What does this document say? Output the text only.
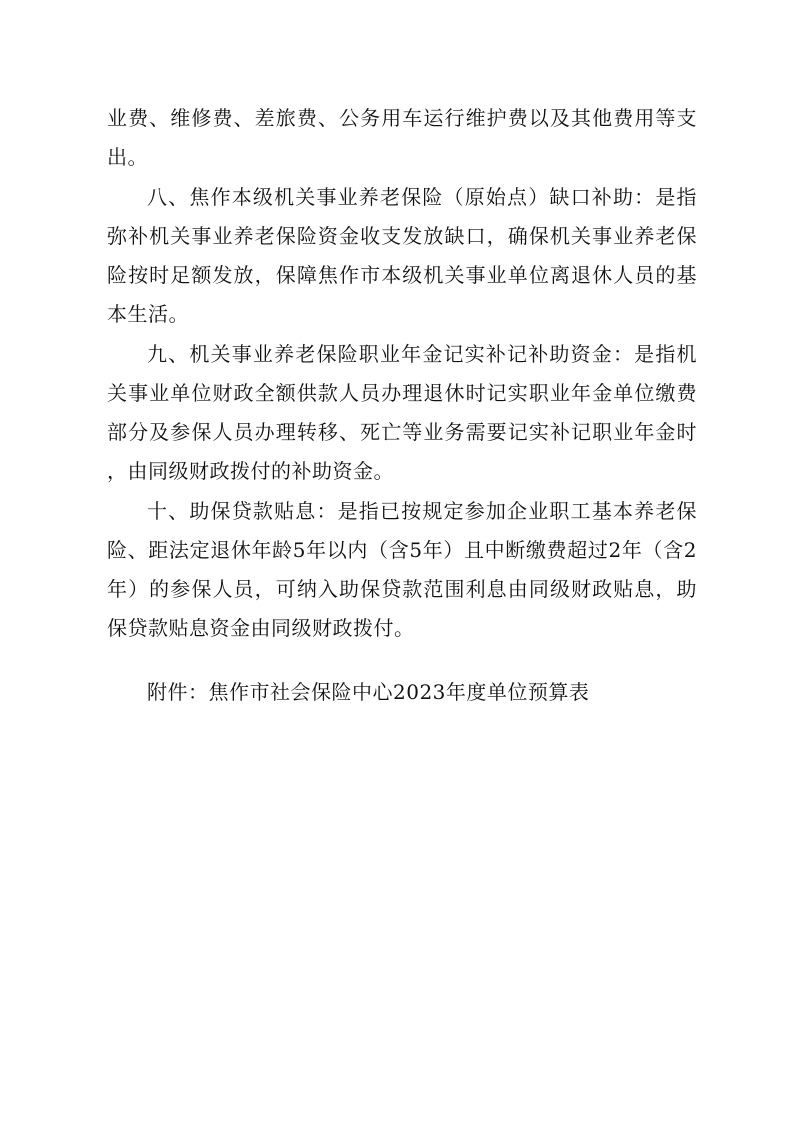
业费、维修费、差旅费、公务用车运行维护费以及其他费用等支
出。
八、焦作本级机关事业养老保险（原始点）缺口补助：是指
弥补机关事业养老保险资金收支发放缺口，确保机关事业养老保
险按时足额发放，保障焦作市本级机关事业单位离退休人员的基
本生活。
九、机关事业养老保险职业年金记实补记补助资金：是指机
关事业单位财政全额供款人员办理退休时记实职业年金单位缴费
部分及参保人员办理转移、死亡等业务需要记实补记职业年金时
，由同级财政拨付的补助资金。
十、助保贷款贴息：是指已按规定参加企业职工基本养老保
险、距法定退休年龄5年以内（含5年）且中断缴费超过2年（含2
年）的参保人员，可纳入助保贷款范围利息由同级财政贴息，助
保贷款贴息资金由同级财政拨付。
附件：焦作市社会保险中心2023年度单位预算表
